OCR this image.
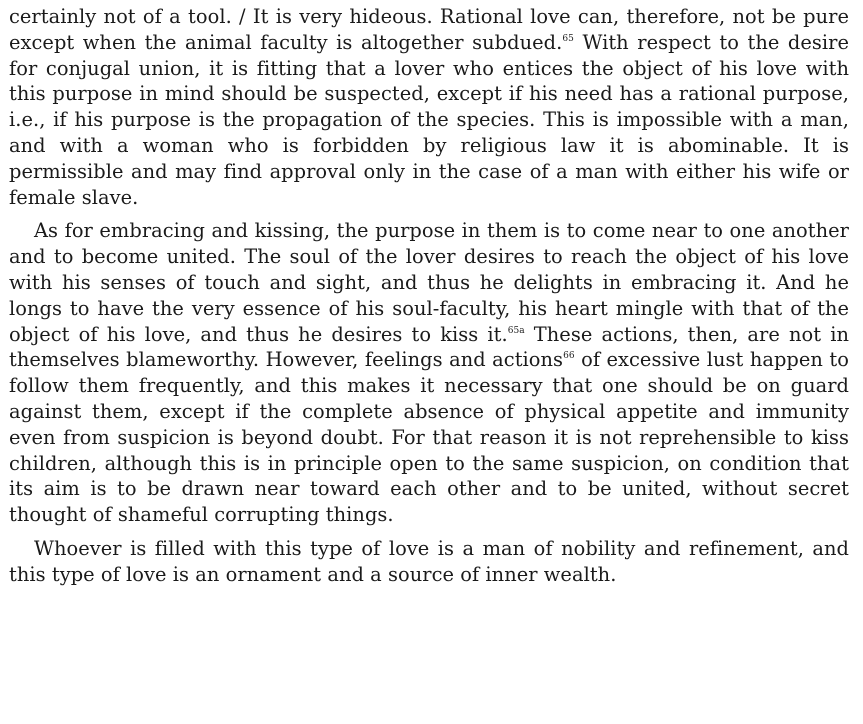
certainly not of a tool. / It is very hideous. Rational love can, therefore, not be pure except when the animal faculty is altogether subdued.$^{65}$ With respect to the desire for conjugal union, it is fitting that a lover who entices the object of his love with this purpose in mind should be suspected, except if his need has a rational purpose, i.e., if his purpose is the propagation of the species. This is impossible with a man, and with a woman who is forbidden by religious law it is abominable. It is permissible and may find approval only in the case of a man with either his wife or female slave.

As for embracing and kissing, the purpose in them is to come near to one another and to become united. The soul of the lover desires to reach the object of his love with his senses of touch and sight, and thus he delights in embracing it. And he longs to have the very essence of his soul-faculty, his heart mingle with that of the object of his love, and thus he desires to kiss it.$^{65a}$ These actions, then, are not in themselves blameworthy. However, feelings and actions$^{66}$ of excessive lust happen to follow them frequently, and this makes it necessary that one should be on guard against them, except if the complete absence of physical appetite and immunity even from suspicion is beyond doubt. For that reason it is not reprehensible to kiss children, although this is in principle open to the same suspicion, on condition that its aim is to be drawn near toward each other and to be united, without secret thought of shameful corrupting things.

Whoever is filled with this type of love is a man of nobility and refinement, and this type of love is an ornament and a source of inner wealth.
